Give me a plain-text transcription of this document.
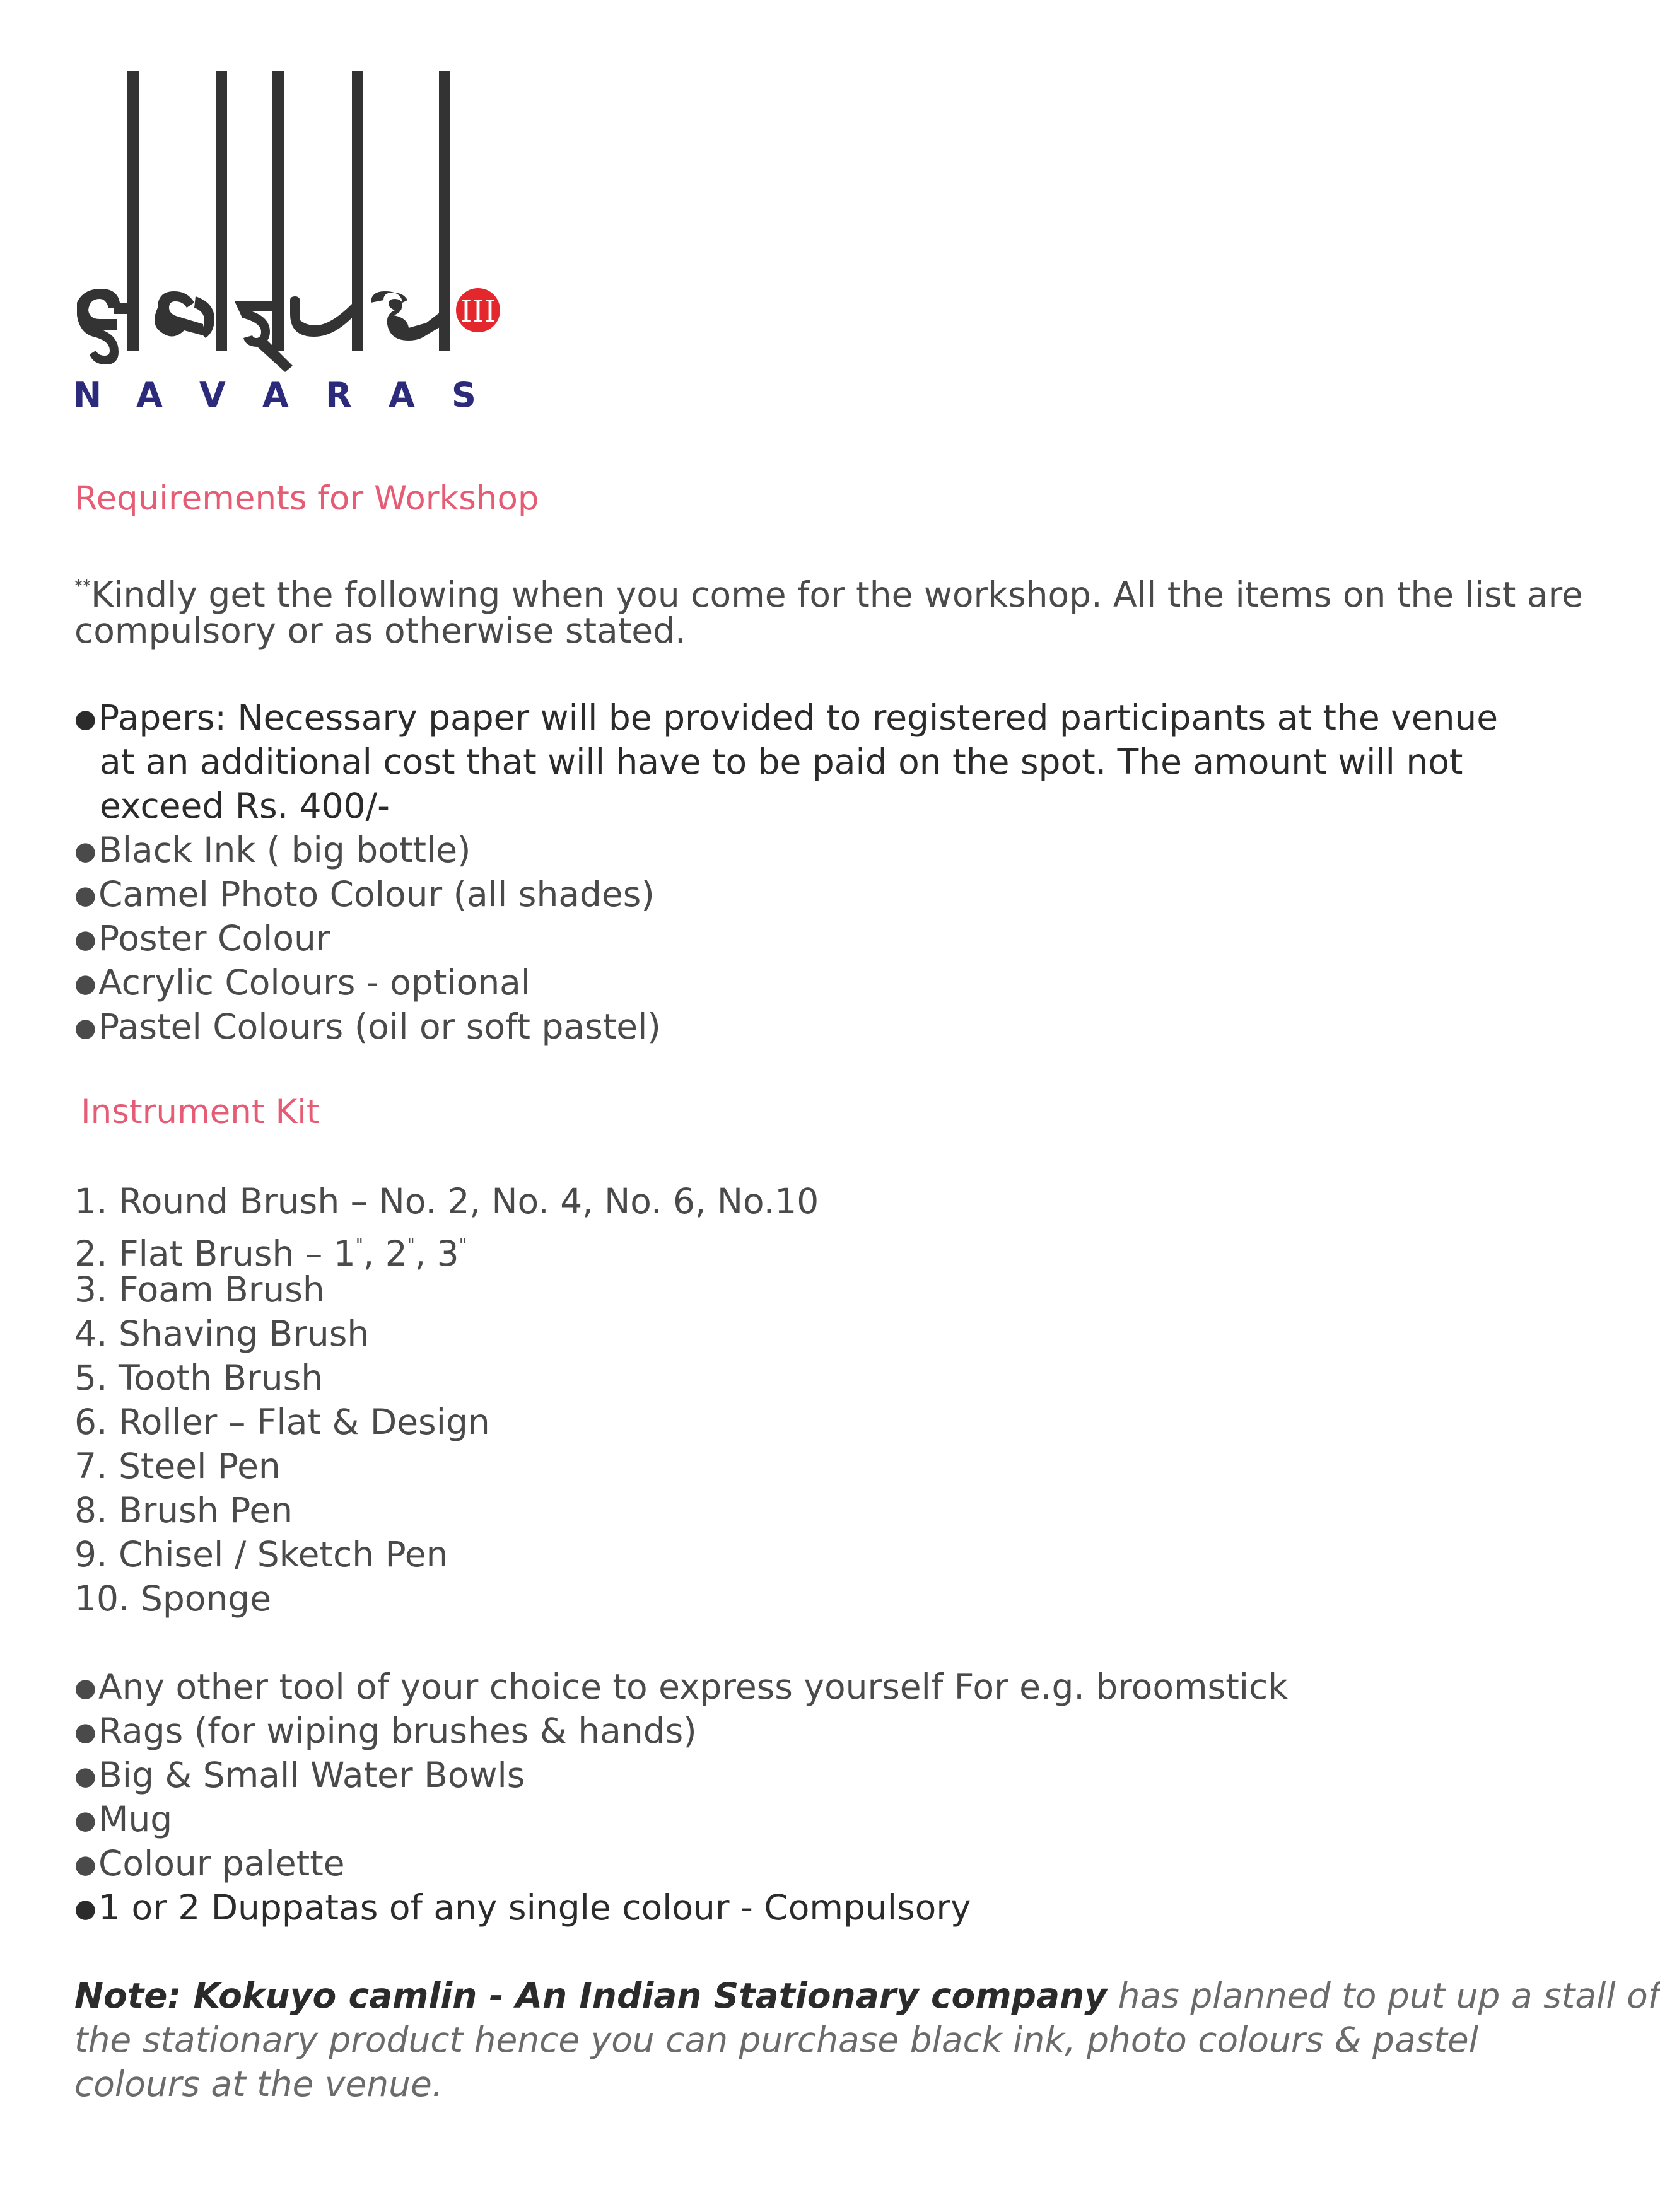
III
N A V A R A S
Requirements for Workshop
**Kindly get the following when you come for the workshop. All the items on the list are
compulsory or as otherwise stated.
●Papers: Necessary paper will be provided to registered participants at the venue
at an additional cost that will have to be paid on the spot. The amount will not
exceed Rs. 400/-
●Black Ink ( big bottle)
●Camel Photo Colour (all shades)
●Poster Colour
●Acrylic Colours - optional
●Pastel Colours (oil or soft pastel)
Instrument Kit
1. Round Brush – No. 2, No. 4, No. 6, No.10
2. Flat Brush – 1", 2", 3"
3. Foam Brush
4. Shaving Brush
5. Tooth Brush
6. Roller – Flat & Design
7. Steel Pen
8. Brush Pen
9. Chisel / Sketch Pen
10. Sponge
●Any other tool of your choice to express yourself For e.g. broomstick
●Rags (for wiping brushes & hands)
●Big & Small Water Bowls
●Mug
●Colour palette
●1 or 2 Duppatas of any single colour - Compulsory
Note: Kokuyo camlin - An Indian Stationary company has planned to put up a stall of
the stationary product hence you can purchase black ink, photo colours & pastel
colours at the venue.
